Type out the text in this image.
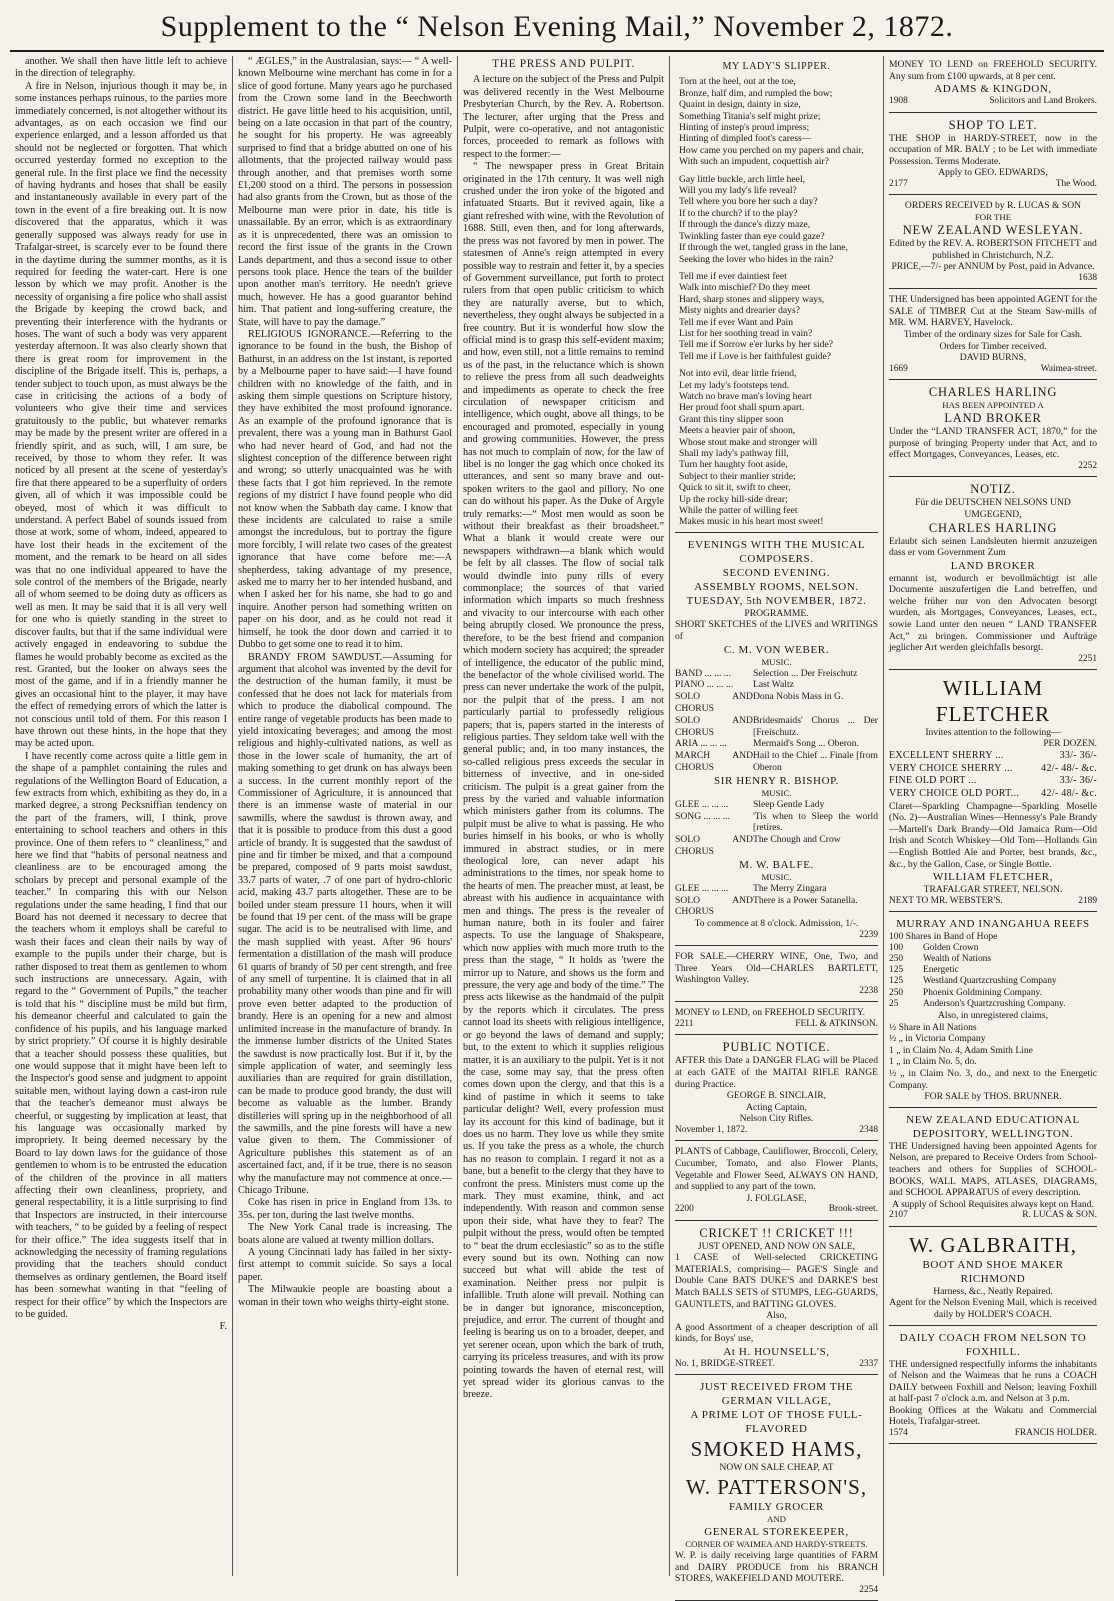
Supplement to the “ Nelson Evening Mail,” November 2, 1872.

another. We shall then have little left to achieve in the direction of telegraphy.

A fire in Nelson, injurious though it may be, in some instances perhaps ruinous, to the parties more immediately concerned, is not altogether without its advantages, as on each occasion we find our experience enlarged, and a lesson afforded us that should not be neglected or forgotten. That which occurred yesterday formed no exception to the general rule. In the first place we find the necessity of having hydrants and hoses that shall be easily and instantaneously available in every part of the town in the event of a fire breaking out. It is now discovered that the apparatus, which it was generally supposed was always ready for use in Trafalgar-street, is scarcely ever to be found there in the daytime during the summer months, as it is required for feeding the water-cart. Here is one lesson by which we may profit. Another is the necessity of organising a fire police who shall assist the Brigade by keeping the crowd back, and preventing their interference with the hydrants or hoses. The want of such a body was very apparent yesterday afternoon. It was also clearly shown that there is great room for improvement in the discipline of the Brigade itself. This is, perhaps, a tender subject to touch upon, as must always be the case in criticising the actions of a body of volunteers who give their time and services gratuitously to the public, but whatever remarks may be made by the present writer are offered in a friendly spirit, and as such, will, I am sure, be received, by those to whom they refer. It was noticed by all present at the scene of yesterday's fire that there appeared to be a superfluity of orders given, all of which it was impossible could be obeyed, most of which it was difficult to understand. A perfect Babel of sounds issued from those at work, some of whom, indeed, appeared to have lost their heads in the excitement of the moment, and the remark to be heard on all sides was that no one individual appeared to have the sole control of the members of the Brigade, nearly all of whom seemed to be doing duty as officers as well as men. It may be said that it is all very well for one who is quietly standing in the street to discover faults, but that if the same individual were actively engaged in endeavoring to subdue the flames he would probably become as excited as the rest. Granted, but the looker on always sees the most of the game, and if in a friendly manner he gives an occasional hint to the player, it may have the effect of remedying errors of which the latter is not conscious until told of them. For this reason I have thrown out these hints, in the hope that they may be acted upon.

I have recently come across quite a little gem in the shape of a pamphlet containing the rules and regulations of the Wellington Board of Education, a few extracts from which, exhibiting as they do, in a marked degree, a strong Pecksniffian tendency on the part of the framers, will, I think, prove entertaining to school teachers and others in this province. One of them refers to “ cleanliness,” and here we find that “habits of personal neatness and cleanliness are to be encouraged among the scholars by precept and personal example of the teacher.” In comparing this with our Nelson regulations under the same heading, I find that our Board has not deemed it necessary to decree that the teachers whom it employs shall be careful to wash their faces and clean their nails by way of example to the pupils under their charge, but is rather disposed to treat them as gentlemen to whom such instructions are unnecessary. Again, with regard to the “ Government of Pupils,” the teacher is told that his “ discipline must be mild but firm, his demeanor cheerful and calculated to gain the confidence of his pupils, and his language marked by strict propriety.” Of course it is highly desirable that a teacher should possess these qualities, but one would suppose that it might have been left to the Inspector's good sense and judgment to appoint suitable men, without laying down a cast-iron rule that the teacher's demeanor must always be cheerful, or suggesting by implication at least, that his language was occasionally marked by impropriety. It being deemed necessary by the Board to lay down laws for the guidance of those gentlemen to whom is to be entrusted the education of the children of the province in all matters affecting their own cleanliness, propriety, and general respectability, it is a little surprising to find that Inspectors are instructed, in their intercourse with teachers, “ to be guided by a feeling of respect for their office.” The idea suggests itself that in acknowledging the necessity of framing regulations providing that the teachers should conduct themselves as ordinary gentlemen, the Board itself has been somewhat wanting in that “feeling of respect for their office” by which the Inspectors are to be guided.

F.

“ ÆGLES,” in the Australasian, says:— “ A well-known Melbourne wine merchant has come in for a slice of good fortune. Many years ago he purchased from the Crown some land in the Beechworth district. He gave little heed to his acquisition, until, being on a late occasion in that part of the country, he sought for his property. He was agreeably surprised to find that a bridge abutted on one of his allotments, that the projected railway would pass through another, and that premises worth some £1,200 stood on a third. The persons in possession had also grants from the Crown, but as those of the Melbourne man were prior in date, his title is unassailable. By an error, which is as extraordinary as it is unprecedented, there was an omission to record the first issue of the grants in the Crown Lands department, and thus a second issue to other persons took place. Hence the tears of the builder upon another man's territory. He needn't grieve much, however. He has a good guarantor behind him. That patient and long-suffering creature, the State, will have to pay the damage.”

RELIGIOUS IGNORANCE.—Referring to the ignorance to be found in the bush, the Bishop of Bathurst, in an address on the 1st instant, is reported by a Melbourne paper to have said:—I have found children with no knowledge of the faith, and in asking them simple questions on Scripture history, they have exhibited the most profound ignorance. As an example of the profound ignorance that is prevalent, there was a young man in Bathurst Gaol who had never heard of God, and had not the slightest conception of the difference between right and wrong; so utterly unacquainted was he with these facts that I got him reprieved. In the remote regions of my district I have found people who did not know when the Sabbath day came. I know that these incidents are calculated to raise a smile amongst the incredulous, but to portray the figure more forcibly, I will relate two cases of the greatest ignorance that have come before me:—A shepherdess, taking advantage of my presence, asked me to marry her to her intended husband, and when I asked her for his name, she had to go and inquire. Another person had something written on paper on his door, and as he could not read it himself, he took the door down and carried it to Dubbo to get some one to read it to him.

BRANDY FROM SAWDUST.—Assuming for argument that alcohol was invented by the devil for the destruction of the human family, it must be confessed that he does not lack for materials from which to produce the diabolical compound. The entire range of vegetable products has been made to yield intoxicating beverages; and among the most religious and highly-cultivated nations, as well as those in the lower scale of humanity, the art of making something to get drunk on has always been a success. In the current monthly report of the Commissioner of Agriculture, it is announced that there is an immense waste of material in our sawmills, where the sawdust is thrown away, and that it is possible to produce from this dust a good article of brandy. It is suggested that the sawdust of pine and fir timber be mixed, and that a compound be prepared, composed of 9 parts moist sawdust, 33.7 parts of water, .7 of one part of hydro-chloric acid, making 43.7 parts altogether. These are to be boiled under steam pressure 11 hours, when it will be found that 19 per cent. of the mass will be grape sugar. The acid is to be neutralised with lime, and the mash supplied with yeast. After 96 hours' fermentation a distillation of the mash will produce 61 quarts of brandy of 50 per cent strength, and free of any smell of turpentine. It is claimed that in all probability many other woods than pine and fir will prove even better adapted to the production of brandy. Here is an opening for a new and almost unlimited increase in the manufacture of brandy. In the immense lumber districts of the United States the sawdust is now practically lost. But if it, by the simple application of water, and seemingly less auxiliaries than are required for grain distillation, can be made to produce good brandy, the dust will become as valuable as the lumber. Brandy distilleries will spring up in the neighborhood of all the sawmills, and the pine forests will have a new value given to them. The Commissioner of Agriculture publishes this statement as of an ascertained fact, and, if it be true, there is no season why the manufacture may not commence at once.—Chicago Tribune.

Coke has risen in price in England from 13s. to 35s. per ton, during the last twelve months.

The New York Canal trade is increasing. The boats alone are valued at twenty million dollars.

A young Cincinnati lady has failed in her sixty-first attempt to commit suicide. So says a local paper.

The Milwaukie people are boasting about a woman in their town who weighs thirty-eight stone.

THE PRESS AND PULPIT.

A lecture on the subject of the Press and Pulpit was delivered recently in the West Melbourne Presbyterian Church, by the Rev. A. Robertson. The lecturer, after urging that the Press and Pulpit, were co-operative, and not antagonistic forces, proceeded to remark as follows with respect to the former:—

“ The newspaper press in Great Britain originated in the 17th century. It was well nigh crushed under the iron yoke of the bigoted and infatuated Stuarts. But it revived again, like a giant refreshed with wine, with the Revolution of 1688. Still, even then, and for long afterwards, the press was not favored by men in power. The statesmen of Anne's reign attempted in every possible way to restrain and fetter it, by a species of Government surveillance, put forth to protect rulers from that open public criticism to which they are naturally averse, but to which, nevertheless, they ought always be subjected in a free country. But it is wonderful how slow the official mind is to grasp this self-evident maxim; and how, even still, not a little remains to remind us of the past, in the reluctance which is shown to relieve the press from all such deadweights and impediments as operate to check the free circulation of newspaper criticism and intelligence, which ought, above all things, to be encouraged and promoted, especially in young and growing communities. However, the press has not much to complain of now, for the law of libel is no longer the gag which once choked its utterances, and sent so many brave and out-spoken writers to the gaol and pillory. No one can do without his paper. As the Duke of Argyle truly remarks:—“ Most men would as soon be without their breakfast as their broadsheet.” What a blank it would create were our newspapers withdrawn—a blank which would be felt by all classes. The flow of social talk would dwindle into puny rills of every commonplace; the sources of that varied information which imparts so much freshness and vivacity to our intercourse with each other being abruptly closed. We pronounce the press, therefore, to be the best friend and companion which modern society has acquired; the spreader of intelligence, the educator of the public mind, the benefactor of the whole civilised world. The press can never undertake the work of the pulpit, nor the pulpit that of the press. I am not particularly partial to professedly religious papers; that is, papers started in the interests of religious parties. They seldom take well with the general public; and, in too many instances, the so-called religious press exceeds the secular in bitterness of invective, and in one-sided criticism. The pulpit is a great gainer from the press by the varied and valuable information which ministers gather from its columns. The pulpit must be alive to what is passing. He who buries himself in his books, or who is wholly immured in abstract studies, or in mere theological lore, can never adapt his administrations to the times, nor speak home to the hearts of men. The preacher must, at least, be abreast with his audience in acquaintance with men and things. The press is the revealer of human nature, both in its fouler and fairer aspects. To use the language of Shakspeare, which now applies with much more truth to the press than the stage, “ It holds as 'twere the mirror up to Nature, and shows us the form and pressure, the very age and body of the time.” The press acts likewise as the handmaid of the pulpit by the reports which it circulates. The press cannot load its sheets with religious intelligence, or go beyond the laws of demand and supply; but, to the extent to which it supplies religious matter, it is an auxiliary to the pulpit. Yet is it not the case, some may say, that the press often comes down upon the clergy, and that this is a kind of pastime in which it seems to take particular delight? Well, every profession must lay its account for this kind of badinage, but it does us no harm. They love us while they smite us. If you take the press as a whole, the church has no reason to complain. I regard it not as a bane, but a benefit to the clergy that they have to confront the press. Ministers must come up the mark. They must examine, think, and act independently. With reason and common sense upon their side, what have they to fear? The pulpit without the press, would often be tempted to “ beat the drum ecclesiastic” so as to the stifle every sound but its own. Nothing can now succeed but what will abide the test of examination. Neither press nor pulpit is infallible. Truth alone will prevail. Nothing can be in danger but ignorance, misconception, prejudice, and error. The current of thought and feeling is bearing us on to a broader, deeper, and yet serener ocean, upon which the bark of truth, carrying its priceless treasures, and with its prow pointing towards the haven of eternal rest, will yet spread wider its glorious canvas to the breeze.

MY LADY'S SLIPPER.
Torn at the heel, out at the toe,
Bronze, half dim, and rumpled the bow;
Quaint in design, dainty in size,
Something Titania's self might prize;
Hinting of instep's proud impress;
Hinting of dimpled foot's caress—
How came you perched on my papers and chair,
With such an impudent, coquettish air?
Gay little buckle, arch little heel,
Will you my lady's life reveal?
Tell where you bore her such a day?
If to the church? if to the play?
If through the dance's dizzy maze,
Twinkling faster than eye could gaze?
If through the wet, tangled grass in the lane,
Seeking the lover who hides in the rain?
Tell me if ever daintiest feet
Walk into mischief? Do they meet
Hard, sharp stones and slippery ways,
Misty nights and drearier days?
Tell me if ever Want and Pain
List for her soothing tread in vain?
Tell me if Sorrow e'er lurks by her side?
Tell me if Love is her faithfulest guide?
Not into evil, dear little friend,
Let my lady's footsteps tend.
Watch no brave man's loving heart
Her proud foot shall spurn apart.
Grant this tiny slipper soon
Meets a heavier pair of shoon,
Whose stout make and stronger will
Shall my lady's pathway fill,
Turn her haughty foot aside,
Subject to their manlier stride;
Quick to sit it, swift to cheer,
Up the rocky hill-side drear;
While the patter of willing feet
Makes music in his heart most sweet!
EVENINGS WITH THE MUSICAL COMPOSERS.
SECOND EVENING.
ASSEMBLY ROOMS, NELSON.
TUESDAY, 5th NOVEMBER, 1872.
PROGRAMME.
SHORT SKETCHES of the LIVES and WRITINGS of
C. M. VON WEBER.
MUSIC.
BAND ... ... ...	Selection ... Der Freischutz
PIANO ... ... ...	Last Waltz
SOLO AND CHORUS
Dona Nobis Mass in G.
SOLO AND CHORUS
Bridesmaids' Chorus ... Der [Freischutz.
ARIA ... ... ...	Mermaid's Song ... Oberon.
MARCH AND CHORUS
Hail to the Chief ... Finale [from Oberon
SIR HENRY R. BISHOP.
MUSIC.
GLEE ... ... ...	Sleep Gentle Lady
SONG ... ... ...	'Tis when to Sleep the world [retires.
SOLO AND CHORUS
The Chough and Crow
M. W. BALFE.
MUSIC.
GLEE ... ... ...	The Merry Zingara
SOLO AND CHORUS
There is a Power Satanella.
To commence at 8 o'clock. Admission, 1/-.
2239
FOR SALE.—CHERRY WINE, One, Two, and Three Years Old—CHARLES BARTLETT, Washington Valley.
2238
MONEY to LEND, on FREEHOLD SECURITY.
2211	FELL & ATKINSON.
PUBLIC NOTICE.
AFTER this Date a DANGER FLAG will be Placed at each GATE of the MAITAI RIFLE RANGE during Practice.
GEORGE B. SINCLAIR,
Acting Captain,
Nelson City Rifles.
November 1, 1872.	2348
PLANTS of Cabbage, Cauliflower, Broccoli, Celery, Cucumber, Tomato, and also Flower Plants, Vegetable and Flower Seed, ALWAYS ON HAND, and supplied to any part of the town.
J. FOLGLASE,
2200	Brook-street.
CRICKET !! CRICKET !!!
JUST OPENED, AND NOW ON SALE,
1 CASE of Well-selected CRICKETING MATERIALS, comprising— PAGE'S Single and Double Cane BATS DUKE'S and DARKE'S best Match BALLS SETS of STUMPS, LEG-GUARDS, GAUNTLETS, and BATTING GLOVES.
Also,
A good Assortment of a cheaper description of all kinds, for Boys' use,
At H. HOUNSELL'S,
No. 1, BRIDGE-STREET.	2337
JUST RECEIVED FROM THE GERMAN VILLAGE,
A PRIME LOT OF THOSE FULL-FLAVORED
SMOKED HAMS,
NOW ON SALE CHEAP, AT
W. PATTERSON'S,
FAMILY GROCER
AND
GENERAL STOREKEEPER,
CORNER OF WAIMEA AND HARDY-STREETS.
W. P. is daily receiving large quantities of FARM and DAIRY PRODUCE from his BRANCH STORES, WAKEFIELD AND MOUTERE.
2254
MONEY TO LEND on FREEHOLD SECURITY. Any sum from £100 upwards, at 8 per cent.
ADAMS & KINGDON,
1908	Solicitors and Land Brokers.
SHOP TO LET.
THE SHOP in HARDY-STREET, now in the occupation of MR. BALY ; to be Let with immediate Possession. Terms Moderate.
Apply to GEO. EDWARDS,
2177	The Wood.
ORDERS RECEIVED by R. LUCAS & SON
FOR THE
NEW ZEALAND WESLEYAN.
Edited by the REV. A. ROBERTSON FITCHETT and published in Christchurch, N.Z.
PRICE,—7/- per ANNUM by Post, paid in Advance.
1638
THE Undersigned has been appointed AGENT for the SALE of TIMBER Cut at the Steam Saw-mills of MR. WM. HARVEY, Havelock.
Timber of the ordinary sizes for Sale for Cash.
Orders for Timber received.
DAVID BURNS,
1669	Waimea-street.
CHARLES HARLING
HAS BEEN APPOINTED A
LAND BROKER
Under the “LAND TRANSFER ACT, 1870,” for the purpose of bringing Property under that Act, and to effect Mortgages, Conveyances, Leases, etc.
2252
NOTIZ.
Für die DEUTSCHEN NELSONS UND UMGEGEND,
CHARLES HARLING
Erlaubt sich seinen Landsleuten hiermit anzuzeigen dass er vom Government Zum
LAND BROKER
ernannt ist, wodurch er bevollmächtigt ist alle Documente auszufertigen die Land betreffen, und welche früher nur von den Advocaten besorgt wurden, als Mortgages, Conveyances, Leases, ect., sowie Land unter den neuen “ LAND TRANSFER Act,” zu bringen. Commissioner und Aufträge jeglicher Art werden gleichfalls besorgt.
2251
WILLIAM FLETCHER
Invites attention to the following—
PER DOZEN.
EXCELLENT SHERRY ...	33/- 36/-
VERY CHOICE SHERRY ...	42/- 48/- &c.
FINE OLD PORT ...	33/- 36/-
VERY CHOICE OLD PORT...	42/- 48/- &c.
Claret—Sparkling Champagne—Sparkling Moselle (No. 2)—Australian Wines—Hennessy's Pale Brandy—Martell's Dark Brandy—Old Jamaica Rum—Old Irish and Scotch Whiskey—Old Tom—Hollands Gin—English Bottled Ale and Porter, best brands, &c., &c., by the Gallon, Case, or Single Bottle.
WILLIAM FLETCHER,
TRAFALGAR STREET, NELSON.
NEXT TO MR. WEBSTER'S.	2189
MURRAY AND INANGAHUA REEFS
100 Shares in Band of Hope
100	Golden Crown
250	Wealth of Nations
125	Energetic
125	Westland Quartzcrushing Company
250	Phoenix Goldmining Company.
25	Anderson's Quartzcrushing Company.
Also, in unregistered claims,
½ Share in All Nations
½ „ in Victoria Company
1 „ in Claim No. 4, Adam Smith Line
1 „ in Claim No. 5, do.
½ „ in Claim No. 3, do., and next to the Energetic Company.
FOR SALE by THOS. BRUNNER.
NEW ZEALAND EDUCATIONAL DEPOSITORY, WELLINGTON.
THE Undersigned having been appointed Agents for Nelson, are prepared to Receive Orders from School-teachers and others for Supplies of SCHOOL-BOOKS, WALL MAPS, ATLASES, DIAGRAMS, and SCHOOL APPARATUS of every description.
A supply of School Requisites always kept on Hand.
2107	R. LUCAS & SON.
W. GALBRAITH,
BOOT AND SHOE MAKER
RICHMOND
Harness, &c., Neatly Repaired.
Agent for the Nelson Evening Mail, which is received daily by HOLDER'S COACH.
DAILY COACH FROM NELSON TO FOXHILL.
THE undersigned respectfully informs the inhabitants of Nelson and the Waimeas that he runs a COACH DAILY between Foxhill and Nelson; leaving Foxhill at half-past 7 o'clock a.m. and Nelson at 3 p.m.
Booking Offices at the Wakatu and Commercial Hotels, Trafalgar-street.
1574	FRANCIS HOLDER.
